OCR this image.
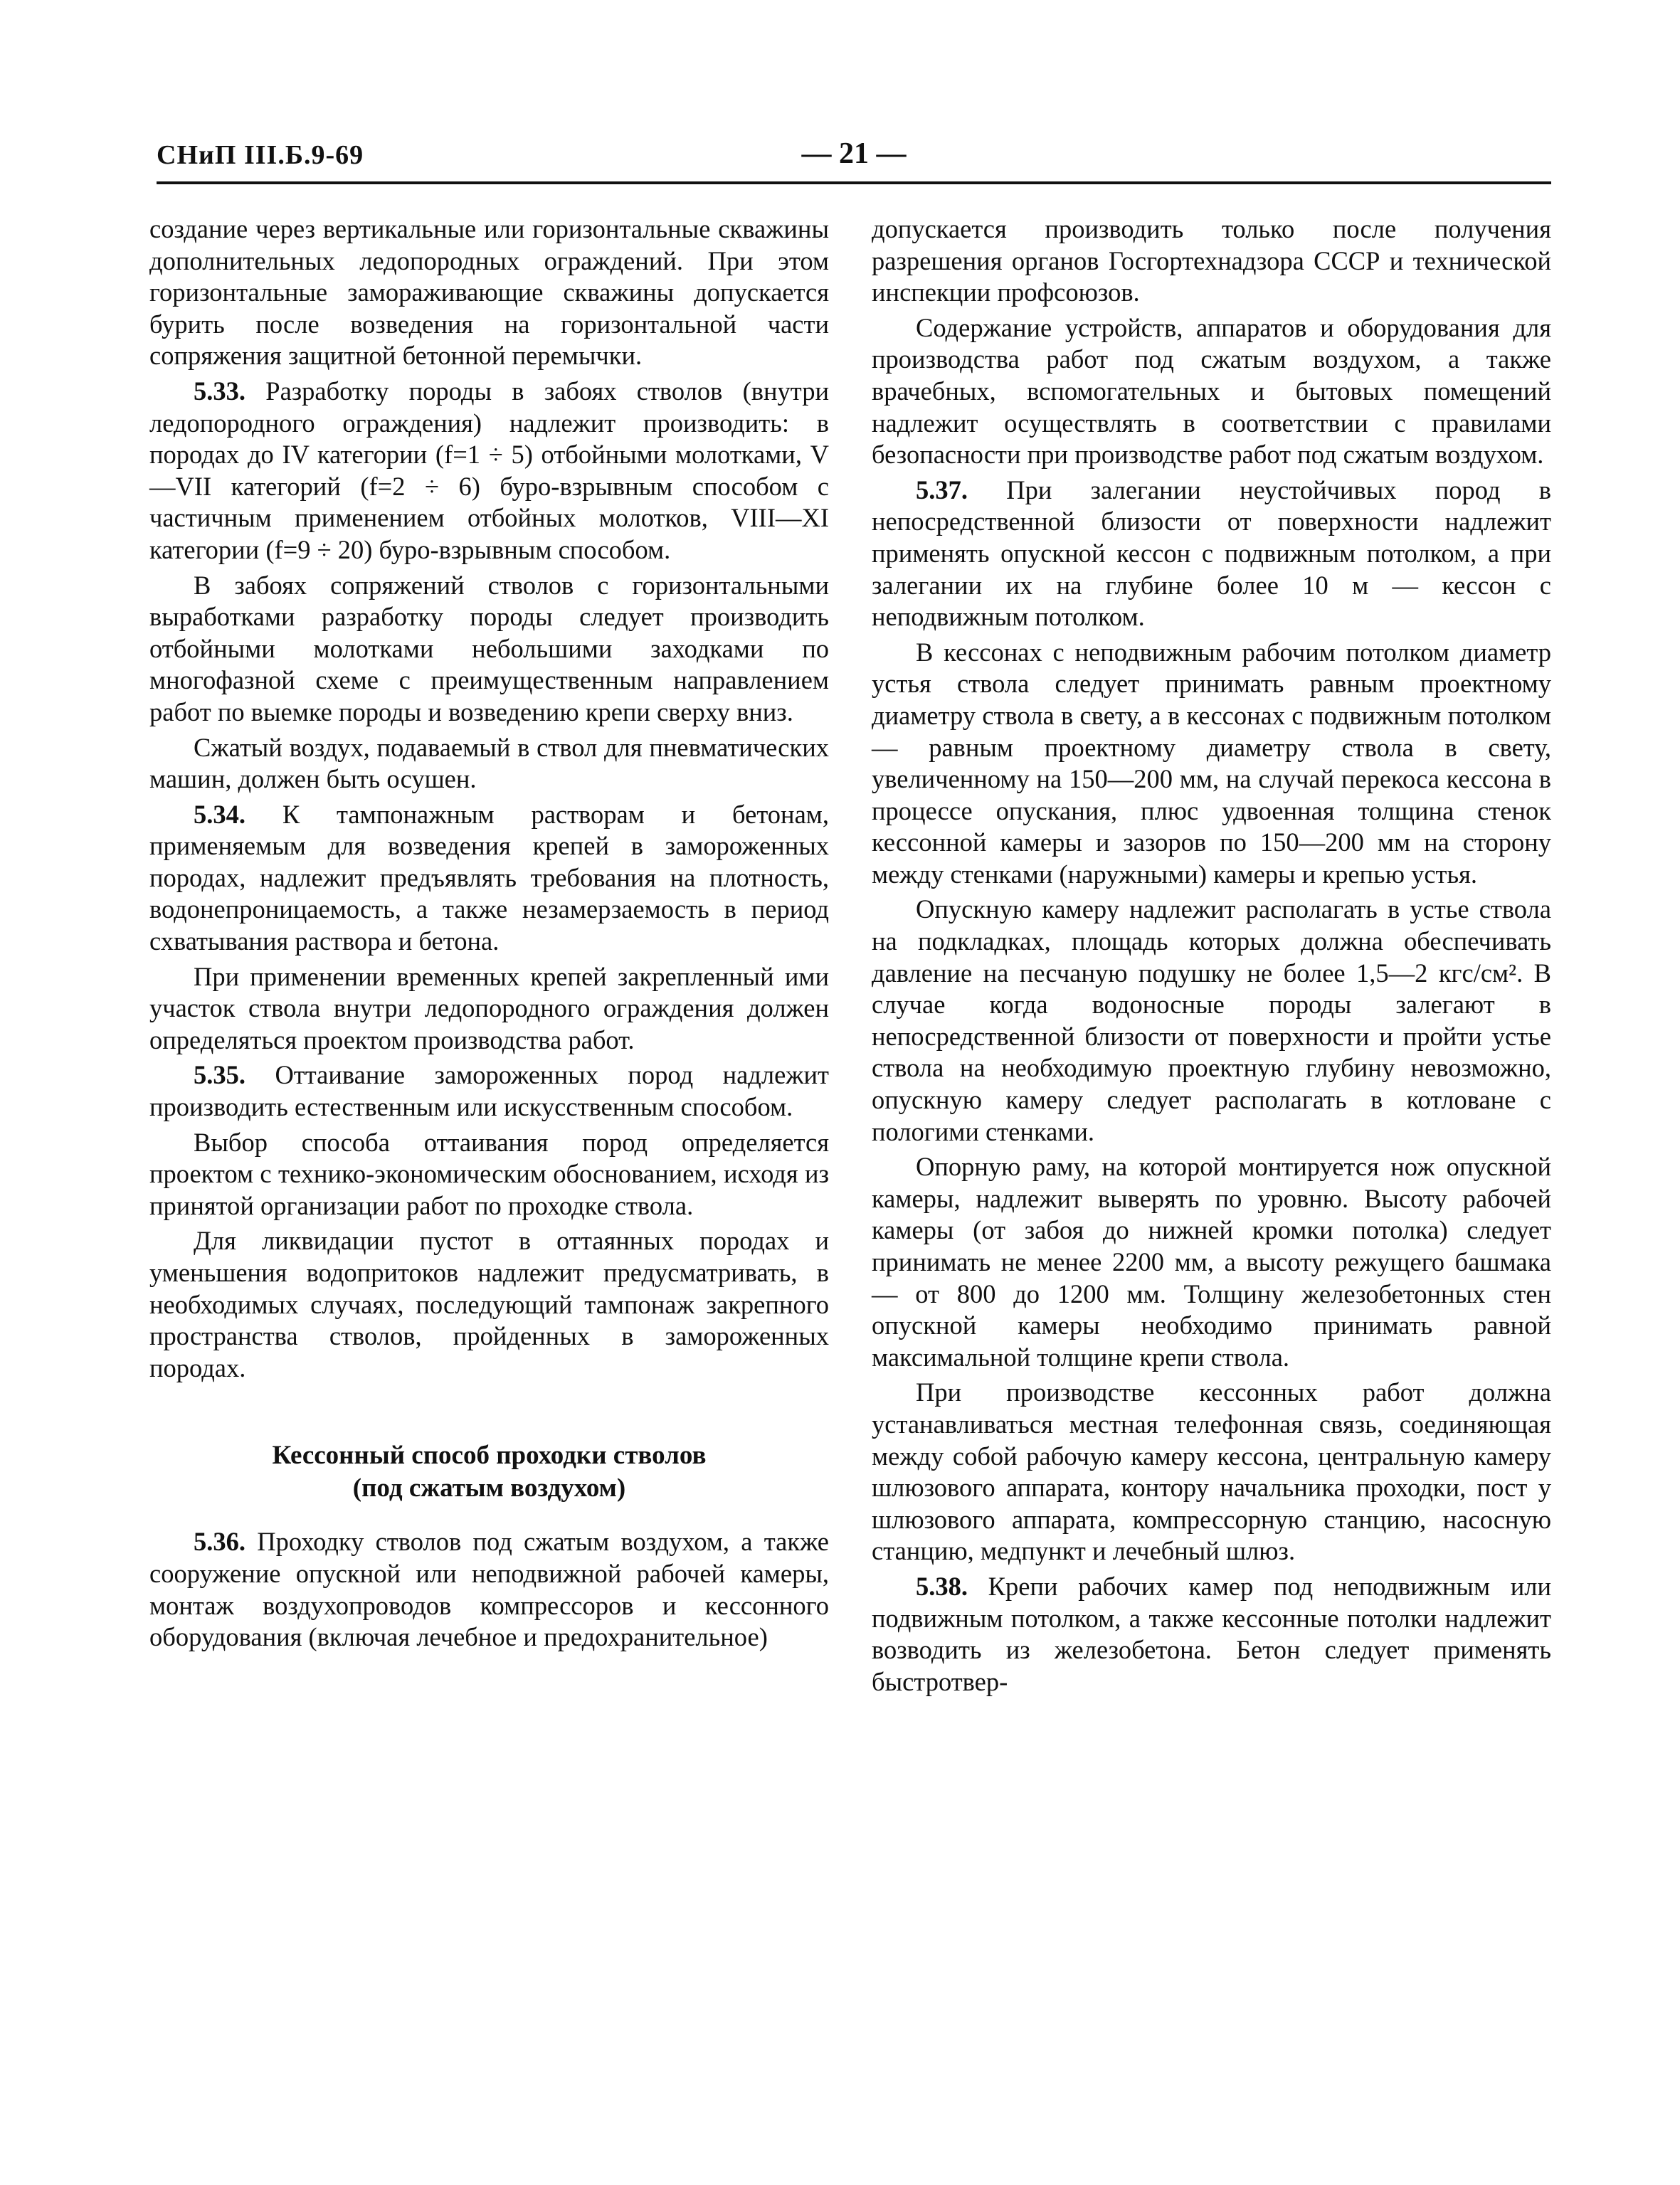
СНиП III.Б.9-69	— 21 —

создание через вертикальные или горизонтальные скважины дополнительных ледопородных ограждений. При этом горизонтальные замораживающие скважины допускается бурить после возведения на горизонтальной части сопряжения защитной бетонной перемычки.

5.33. Разработку породы в забоях стволов (внутри ледопородного ограждения) надлежит производить: в породах до IV категории (f=1 ÷ 5) отбойными молотками, V—VII категорий (f=2 ÷ 6) буро-взрывным способом с частичным применением отбойных молотков, VIII—XI категории (f=9 ÷ 20) буро-взрывным способом.

В забоях сопряжений стволов с горизонтальными выработками разработку породы следует производить отбойными молотками небольшими заходками по многофазной схеме с преимущественным направлением работ по выемке породы и возведению крепи сверху вниз.

Сжатый воздух, подаваемый в ствол для пневматических машин, должен быть осушен.

5.34. К тампонажным растворам и бетонам, применяемым для возведения крепей в замороженных породах, надлежит предъявлять требования на плотность, водонепроницаемость, а также незамерзаемость в период схватывания раствора и бетона.

При применении временных крепей закрепленный ими участок ствола внутри ледопородного ограждения должен определяться проектом производства работ.

5.35. Оттаивание замороженных пород надлежит производить естественным или искусственным способом.

Выбор способа оттаивания пород определяется проектом с технико-экономическим обоснованием, исходя из принятой организации работ по проходке ствола.

Для ликвидации пустот в оттаянных породах и уменьшения водопритоков надлежит предусматривать, в необходимых случаях, последующий тампонаж закрепного пространства стволов, пройденных в замороженных породах.

Кессонный способ проходки стволов
(под сжатым воздухом)

5.36. Проходку стволов под сжатым воздухом, а также сооружение опускной или неподвижной рабочей камеры, монтаж воздухопроводов компрессоров и кессонного оборудования (включая лечебное и предохранительное)

допускается производить только после получения разрешения органов Госгортехнадзора СССР и технической инспекции профсоюзов.

Содержание устройств, аппаратов и оборудования для производства работ под сжатым воздухом, а также врачебных, вспомогательных и бытовых помещений надлежит осуществлять в соответствии с правилами безопасности при производстве работ под сжатым воздухом.

5.37. При залегании неустойчивых пород в непосредственной близости от поверхности надлежит применять опускной кессон с подвижным потолком, а при залегании их на глубине более 10 м — кессон с неподвижным потолком.

В кессонах с неподвижным рабочим потолком диаметр устья ствола следует принимать равным проектному диаметру ствола в свету, а в кессонах с подвижным потолком — равным проектному диаметру ствола в свету, увеличенному на 150—200 мм, на случай перекоса кессона в процессе опускания, плюс удвоенная толщина стенок кессонной камеры и зазоров по 150—200 мм на сторону между стенками (наружными) камеры и крепью устья.

Опускную камеру надлежит располагать в устье ствола на подкладках, площадь которых должна обеспечивать давление на песчаную подушку не более 1,5—2 кгс/см². В случае когда водоносные породы залегают в непосредственной близости от поверхности и пройти устье ствола на необходимую проектную глубину невозможно, опускную камеру следует располагать в котловане с пологими стенками.

Опорную раму, на которой монтируется нож опускной камеры, надлежит выверять по уровню. Высоту рабочей камеры (от забоя до нижней кромки потолка) следует принимать не менее 2200 мм, а высоту режущего башмака — от 800 до 1200 мм. Толщину железобетонных стен опускной камеры необходимо принимать равной максимальной толщине крепи ствола.

При производстве кессонных работ должна устанавливаться местная телефонная связь, соединяющая между собой рабочую камеру кессона, центральную камеру шлюзового аппарата, контору начальника проходки, пост у шлюзового аппарата, компрессорную станцию, насосную станцию, медпункт и лечебный шлюз.

5.38. Крепи рабочих камер под неподвижным или подвижным потолком, а также кессонные потолки надлежит возводить из железобетона. Бетон следует применять быстротвер-
